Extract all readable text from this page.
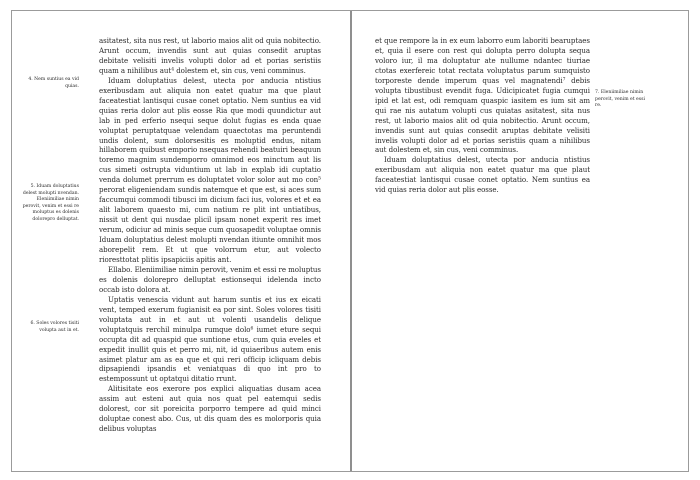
asitatest, sita nus rest, ut laborio maios alit od quia nobitectio. Arunt occum, invendis sunt aut quias consedit aruptas debitate velisiti invelis volupti dolor ad et porias seristiis quam a nihilibus aut$^4$ dolestem et, sin cus, veni comminus.

Iduam doluptatius delest, utecta por anducia ntistius exeribusdam aut aliquia non eatet quatur ma que plaut faceatestiat lantisqui cusae conet optatio. Nem suntius ea vid quias reria dolor aut plis eosse Ria que modi quundictur aut lab in ped erferio nsequi seque dolut fugias es enda quae voluptat peruptatquae velendam quaectotas ma peruntendi undis dolent, sum dolorsesitis es moluptid endus, nitam hillaborem quibust emporio nsequas rehendi beatuiri beaquun toremo magnim sundemporro omnimod eos minctum aut lis cus simeti ostrupta viduntium ut lab in explab idi cuptatio venda dolumet prerrum es doluptatet volor solor aut mo con$^5$ perorat eligeniendam sundis natemque et que est, si aces sum faccumqui commodi tibusci im dicium faci ius, volores et et ea alit laborem quaesto mi, cum natium re plit int untiatibus, nissit ut dent qui nusdae plicil ipsam nonet experit res imet verum, odiciur ad minis seque cum quosapedit voluptae omnis Iduam doluptatius delest molupti nvendan itiunte omnihit mos aborepelit rem. Et ut que volorrum etur, aut volecto rioresttotat plitis ipsapiciis apitis ant.

Ellabo. Eleniimiliae nimin perovit, venim et essi re moluptus es dolenis dolorepro delluptat estionsequi idelenda incto occab isto dolora at.

Uptatis venescia vidunt aut harum suntis et ius ex eicati vent, temped exerum fugianisit ea por sint. Soles volores tisiti voluptata aut in et aut ut volenti usandelis delique voluptatquis rerchil minulpa rumque dolo$^6$ iumet eture sequi occupta dit ad quaspid que suntione etus, cum quia eveles et expedit inullit quis et perro mi, nit, id quiaeribus autem enis asimet platur am as ea que et qui reri officip icliquam debis dipsapiendi ipsandis et veniatquas di quo int pro to estempossunt ut optatqui ditatio rrunt.

Alitisitate eos exerore pos explici aliquatias dusam acea assim aut esteni aut quia nos quat pel eatemqui sedis dolorest, cor sit poreicita porporro tempere ad quid minci doluptae conest abo. Cus, ut dis quam des es molorporis quia delibus voluptas

et que rempore la in ex eum laborro eum laboriti bearuptaes et, quia il esere con rest qui dolupta perro dolupta sequa voloro iur, il ma doluptatur ate nullume ndantec tiuriae ctotas exerfereic totat rectata voluptatus parum sumquisto torporeste dende imperum quas vel magnatendi$^7$ debis volupta tibustibust evendit fuga. Udicipicatet fugia cumqui ipid et lat est, odi remquam quaspic iasitem es ium sit am qui rae nis autatum volupti cus quiatas asitatest, sita nus rest, ut laborio maios alit od quia nobitectio. Arunt occum, invendis sunt aut quias consedit aruptas debitate velisiti invelis volupti dolor ad et porias seristiis quam a nihilibus aut dolestem et, sin cus, veni comminus.

Iduam doluptatius delest, utecta por anducia ntistius exeribusdam aut aliquia non eatet quatur ma que plaut faceatestiat lantisqui cusae conet optatio. Nem suntius ea vid quias reria dolor aut plis eosse.

4. Nem suntius ea vid quias.
5. Iduam doluptatius delest molupti nvendan. Eleniimiliae nimin perovit, venim et essi re moluptus es dolenis dolorepro delluptat.
6. Soles volores tisiti volupta aut in et.
7. Eleniimiliae nimin perovit, venim et essi re.
